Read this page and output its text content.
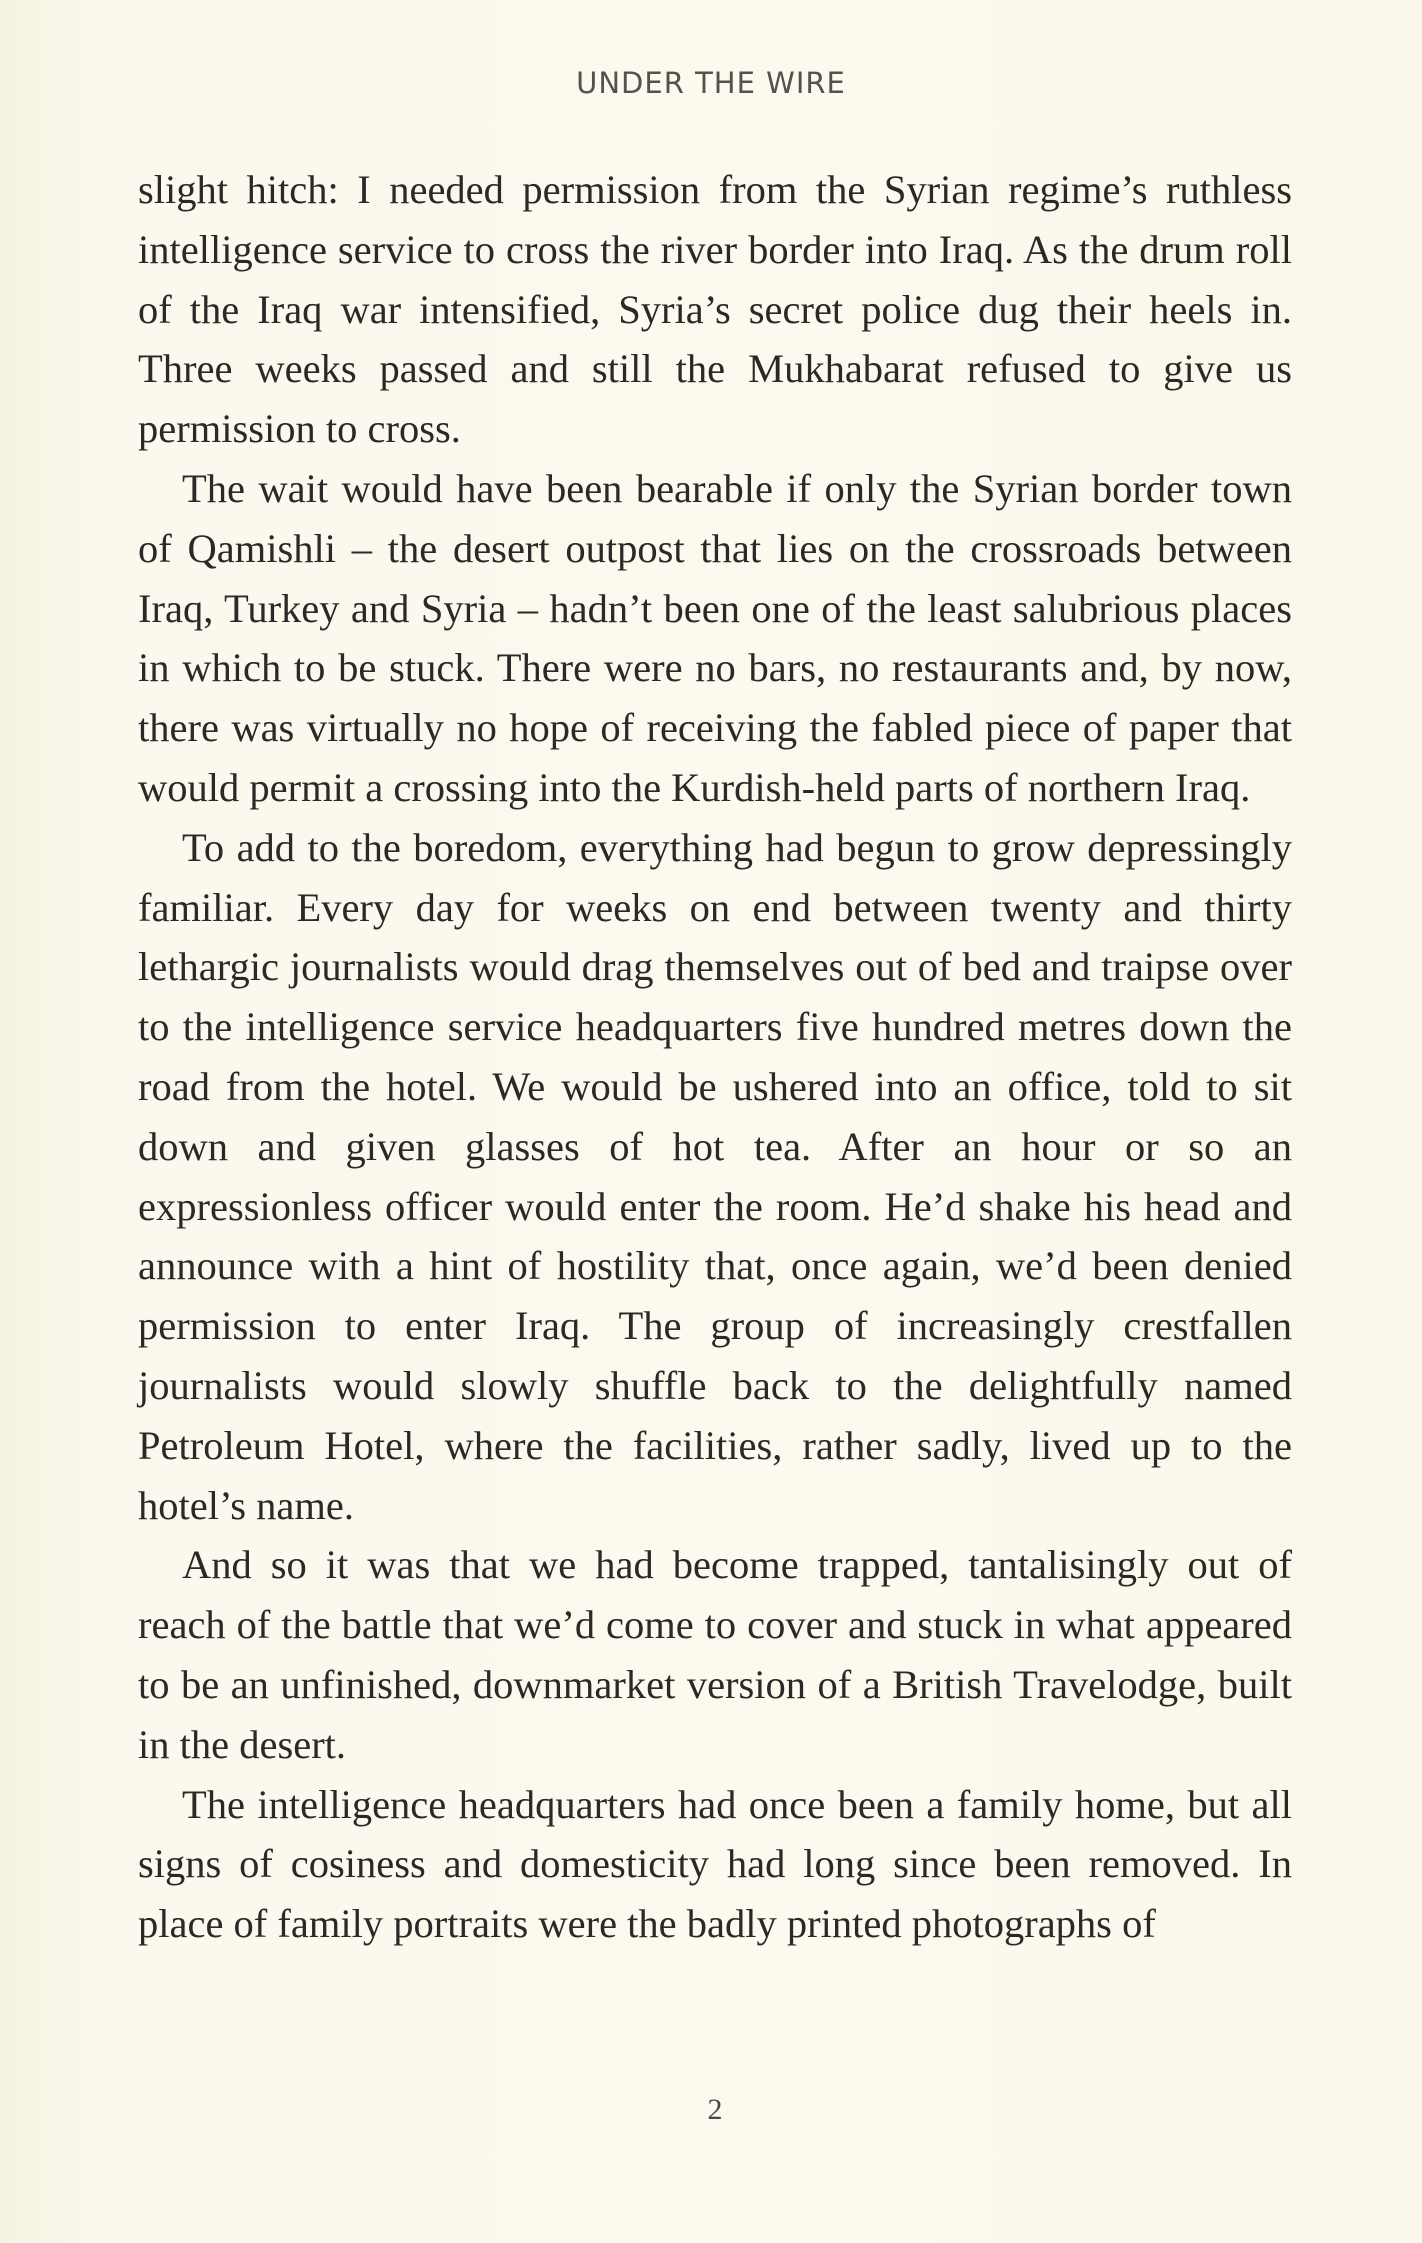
UNDER THE WIRE

slight hitch: I needed permission from the Syrian regime’s ruthless intelligence service to cross the river border into Iraq. As the drum roll of the Iraq war intensified, Syria’s secret police dug their heels in. Three weeks passed and still the Mukhabarat refused to give us permission to cross.

The wait would have been bearable if only the Syrian border town of Qamishli – the desert outpost that lies on the crossroads between Iraq, Turkey and Syria – hadn’t been one of the least salubrious places in which to be stuck. There were no bars, no restaurants and, by now, there was virtually no hope of receiving the fabled piece of paper that would permit a crossing into the Kurdish-held parts of northern Iraq.

To add to the boredom, everything had begun to grow depressingly familiar. Every day for weeks on end between twenty and thirty lethargic journalists would drag themselves out of bed and traipse over to the intelligence service headquarters five hundred metres down the road from the hotel. We would be ushered into an office, told to sit down and given glasses of hot tea. After an hour or so an expressionless officer would enter the room. He’d shake his head and announce with a hint of hostility that, once again, we’d been denied permission to enter Iraq. The group of increasingly crestfallen journalists would slowly shuffle back to the delightfully named Petroleum Hotel, where the facilities, rather sadly, lived up to the hotel’s name.

And so it was that we had become trapped, tantalisingly out of reach of the battle that we’d come to cover and stuck in what appeared to be an unfinished, downmarket version of a British Travelodge, built in the desert.

The intelligence headquarters had once been a family home, but all signs of cosiness and domesticity had long since been removed. In place of family portraits were the badly printed photographs of

2
